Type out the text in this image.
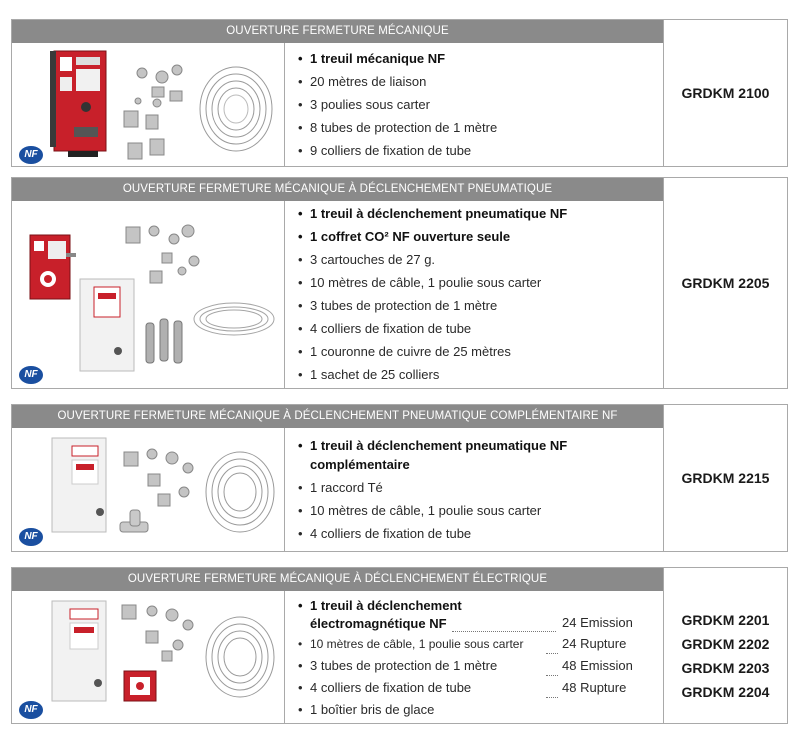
OUVERTURE FERMETURE MÉCANIQUE
NF
• 1 treuil mécanique NF
• 20 mètres de liaison
• 3 poulies sous carter
• 8 tubes de protection de 1 mètre
• 9 colliers de fixation de tube
GRDKM 2100
OUVERTURE FERMETURE MÉCANIQUE À DÉCLENCHEMENT PNEUMATIQUE
NF
• 1 treuil à déclenchement pneumatique NF
• 1 coffret CO² NF ouverture seule
• 3 cartouches de 27 g.
• 10 mètres de câble, 1 poulie sous carter
• 3 tubes de protection de 1 mètre
• 4 colliers de fixation de tube
• 1 couronne de cuivre de 25 mètres
• 1 sachet de 25 colliers
GRDKM 2205
OUVERTURE FERMETURE MÉCANIQUE À DÉCLENCHEMENT PNEUMATIQUE COMPLÉMENTAIRE NF
NF
• 1 treuil à déclenchement pneumatique NF
complémentaire
• 1 raccord Té
• 10 mètres de câble, 1 poulie sous carter
• 4 colliers de fixation de tube
GRDKM 2215
OUVERTURE FERMETURE MÉCANIQUE À DÉCLENCHEMENT ÉLECTRIQUE
NF
• 1 treuil à déclenchement
électromagnétique NF
• 10 mètres de câble, 1 poulie sous carter
• 3 tubes de protection de 1 mètre
• 4 colliers de fixation de tube
• 1 boîtier bris de glace
24 Emission
24 Rupture
48 Emission
48 Rupture
GRDKM 2201
GRDKM 2202
GRDKM 2203
GRDKM 2204
